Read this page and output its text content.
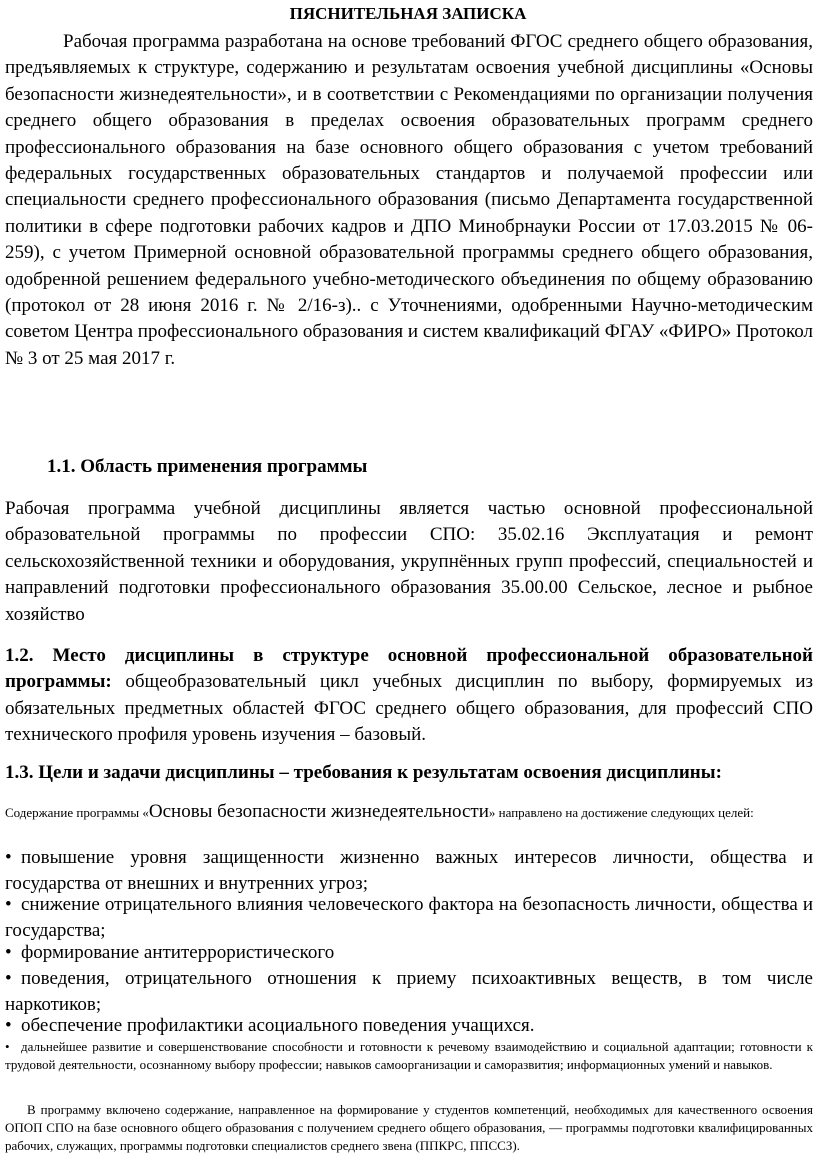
ПЯСНИТЕЛЬНАЯ ЗАПИСКА
Рабочая программа разработана на основе требований ФГОС среднего общего образования, предъявляемых к структуре, содержанию и результатам освоения учебной дисциплины «Основы безопасности жизнедеятельности», и в соответствии с Рекомендациями по организации получения среднего общего образования в пределах освоения образовательных программ среднего профессионального образования на базе основного общего образования с учетом требований федеральных государственных образовательных стандартов и получаемой профессии или специальности среднего профессионального образования (письмо Департамента государственной политики в сфере подготовки рабочих кадров и ДПО Минобрнауки России от 17.03.2015 № 06-259), с учетом Примерной основной образовательной программы среднего общего образования, одобренной решением федерального учебно-методического объединения по общему образованию (протокол от 28 июня 2016 г. № 2/16-з).. с Уточнениями, одобренными Научно-методическим советом Центра профессионального образования и систем квалификаций ФГАУ «ФИРО» Протокол № 3 от 25 мая 2017 г.
1.1. Область применения программы
Рабочая программа учебной дисциплины является частью основной профессиональной образовательной программы по профессии СПО: 35.02.16 Эксплуатация и ремонт сельскохозяйственной техники и оборудования, укрупнённых групп профессий, специальностей и направлений подготовки профессионального образования 35.00.00 Сельское, лесное и рыбное хозяйство
1.2. Место дисциплины в структуре основной профессиональной образовательной программы: общеобразовательный цикл учебных дисциплин по выбору, формируемых из обязательных предметных областей ФГОС среднего общего образования, для профессий СПО технического профиля уровень изучения – базовый.
1.3. Цели и задачи дисциплины – требования к результатам освоения дисциплины:
Содержание программы «Основы безопасности жизнедеятельности» направлено на достижение следующих целей:
• повышение уровня защищенности жизненно важных интересов личности, общества и государства от внешних и внутренних угроз;
• снижение отрицательного влияния человеческого фактора на безопасность личности, общества и государства;
• формирование антитеррористического
• поведения, отрицательного отношения к приему психоактивных веществ, в том числе наркотиков;
• обеспечение профилактики асоциального поведения учащихся.
• дальнейшее развитие и совершенствование способности и готовности к речевому взаимодействию и социальной адаптации; готовности к трудовой деятельности, осознанному выбору профессии; навыков самоорганизации и саморазвития; информационных умений и навыков.
В программу включено содержание, направленное на формирование у студентов компетенций, необходимых для качественного освоения ОПОП СПО на базе основного общего образования с получением среднего общего образования, — программы подготовки квалифицированных рабочих, служащих, программы подготовки специалистов среднего звена (ППКРС, ППССЗ).
